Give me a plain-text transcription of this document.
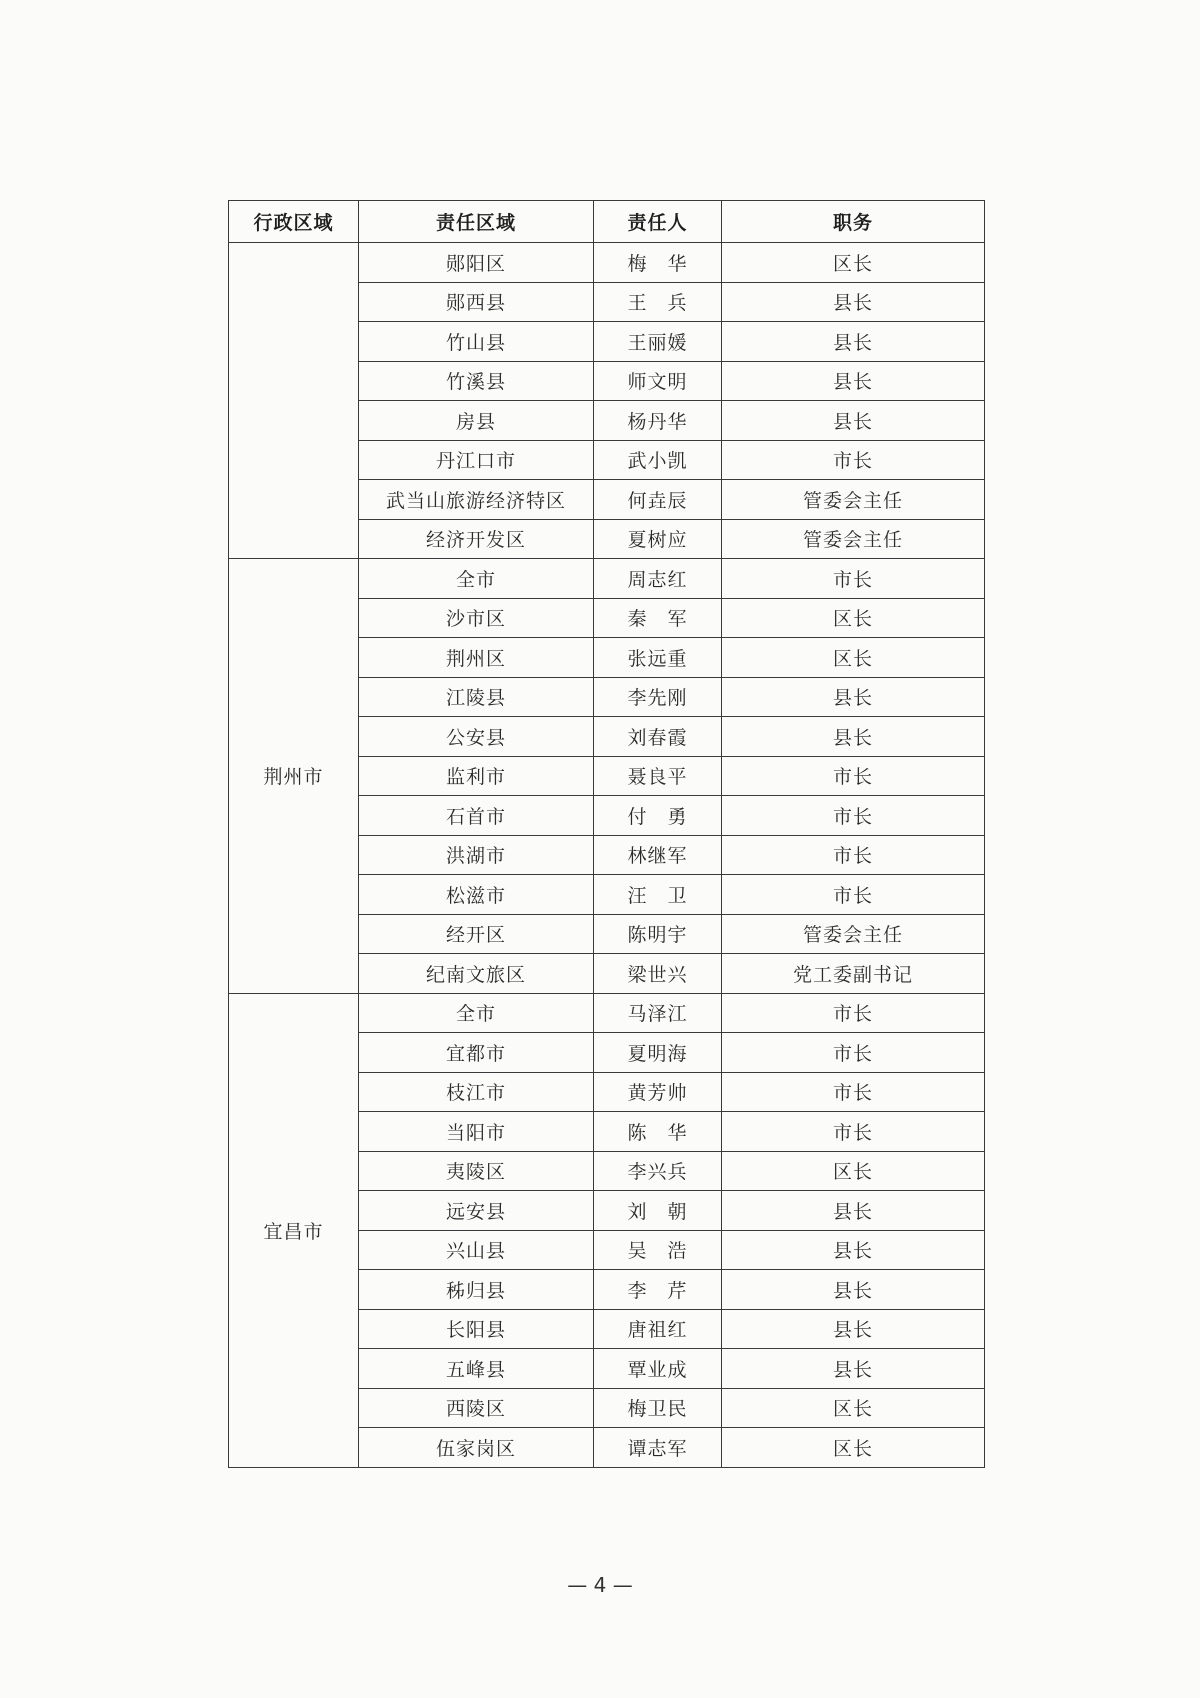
行政区域	责任区域	责任人	职务
	郧阳区	梅　华	区长
	郧西县	王　兵	县长
	竹山县	王丽媛	县长
	竹溪县	师文明	县长
	房县	杨丹华	县长
	丹江口市	武小凯	市长
	武当山旅游经济特区	何垚辰	管委会主任
	经济开发区	夏树应	管委会主任
荆州市	全市	周志红	市长
	沙市区	秦　军	区长
	荆州区	张远重	区长
	江陵县	李先刚	县长
	公安县	刘春霞	县长
	监利市	聂良平	市长
	石首市	付　勇	市长
	洪湖市	林继军	市长
	松滋市	汪　卫	市长
	经开区	陈明宇	管委会主任
	纪南文旅区	梁世兴	党工委副书记
宜昌市	全市	马泽江	市长
	宜都市	夏明海	市长
	枝江市	黄芳帅	市长
	当阳市	陈　华	市长
	夷陵区	李兴兵	区长
	远安县	刘　朝	县长
	兴山县	吴　浩	县长
	秭归县	李　芹	县长
	长阳县	唐祖红	县长
	五峰县	覃业成	县长
	西陵区	梅卫民	区长
	伍家岗区	谭志军	区长
— 4 —
